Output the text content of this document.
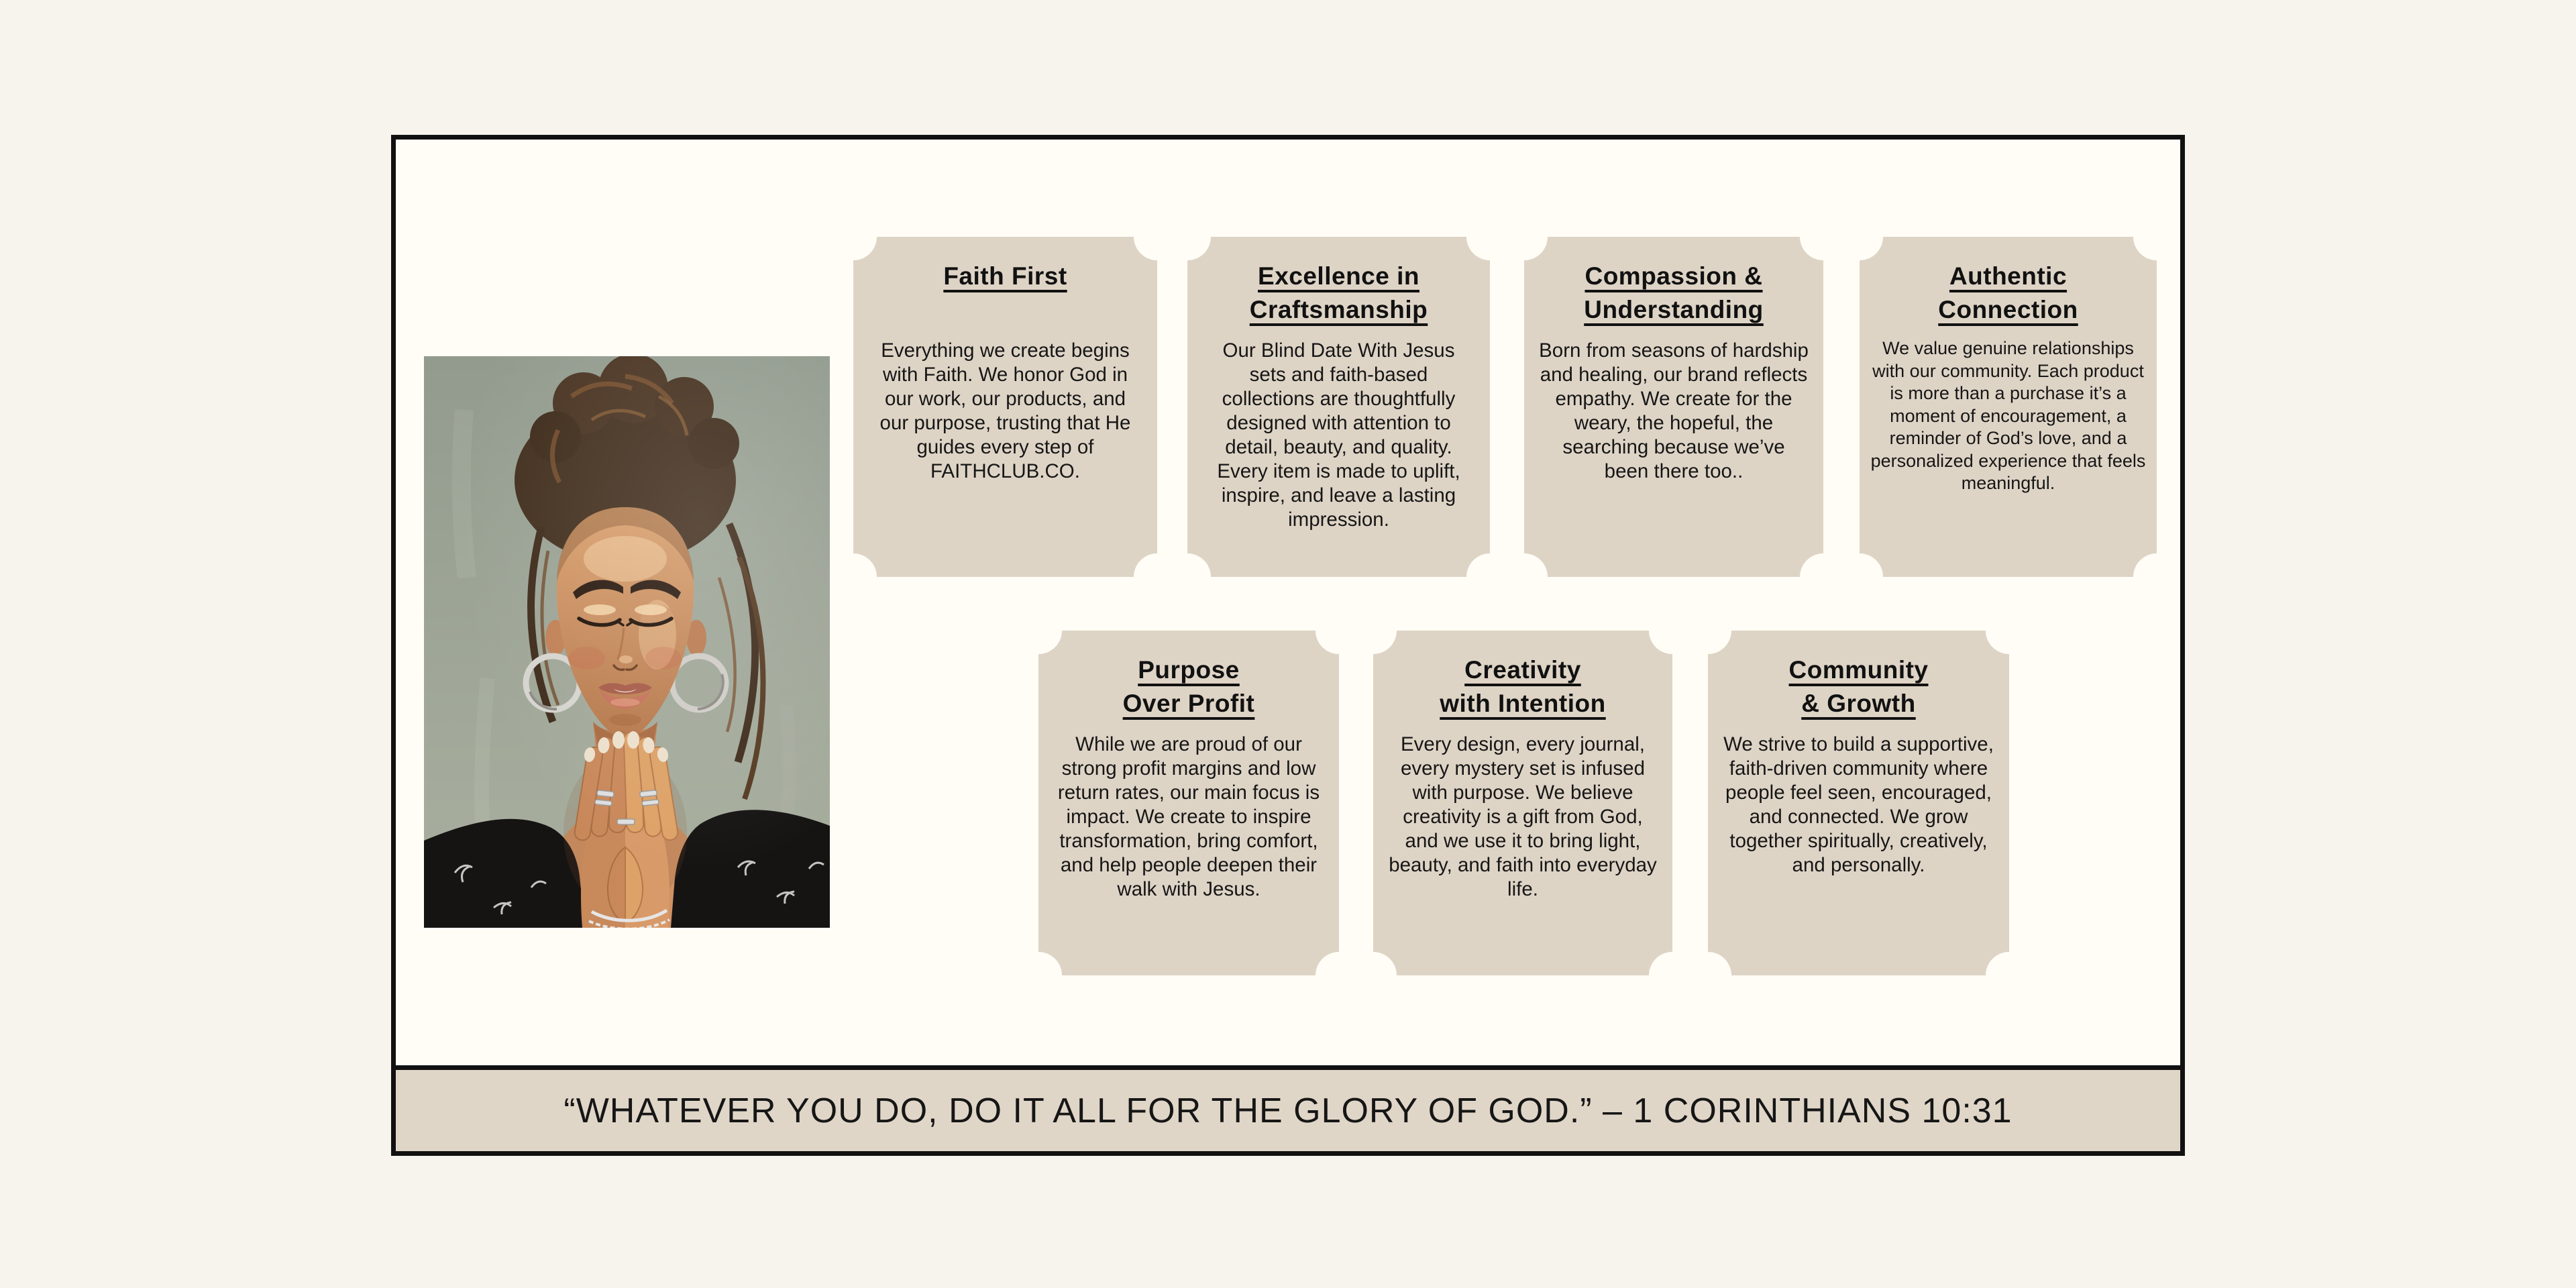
Faith First
Everything we create begins with Faith. We honor God in our work, our products, and our purpose, trusting that He guides every step of FAITHCLUB.CO.
Excellence in
Craftsmanship
Our Blind Date With Jesus sets and faith-based collections are thoughtfully designed with attention to detail, beauty, and quality. Every item is made to uplift, inspire, and leave a lasting impression.
Compassion &
Understanding
Born from seasons of hardship and healing, our brand reflects empathy. We create for the weary, the hopeful, the searching because we’ve been there too..
Authentic
Connection
We value genuine relationships with our community. Each product is more than a purchase it’s a moment of encouragement, a reminder of God’s love, and a personalized experience that feels meaningful.
Purpose
Over Profit
While we are proud of our strong profit margins and low return rates, our main focus is impact. We create to inspire transformation, bring comfort, and help people deepen their walk with Jesus.
Creativity
with Intention
Every design, every journal, every mystery set is infused with purpose. We believe creativity is a gift from God, and we use it to bring light, beauty, and faith into everyday life.
Community
& Growth
We strive to build a supportive, faith-driven community where people feel seen, encouraged, and connected. We grow together spiritually, creatively, and personally.
“WHATEVER YOU DO, DO IT ALL FOR THE GLORY OF GOD.” – 1 CORINTHIANS 10:31
